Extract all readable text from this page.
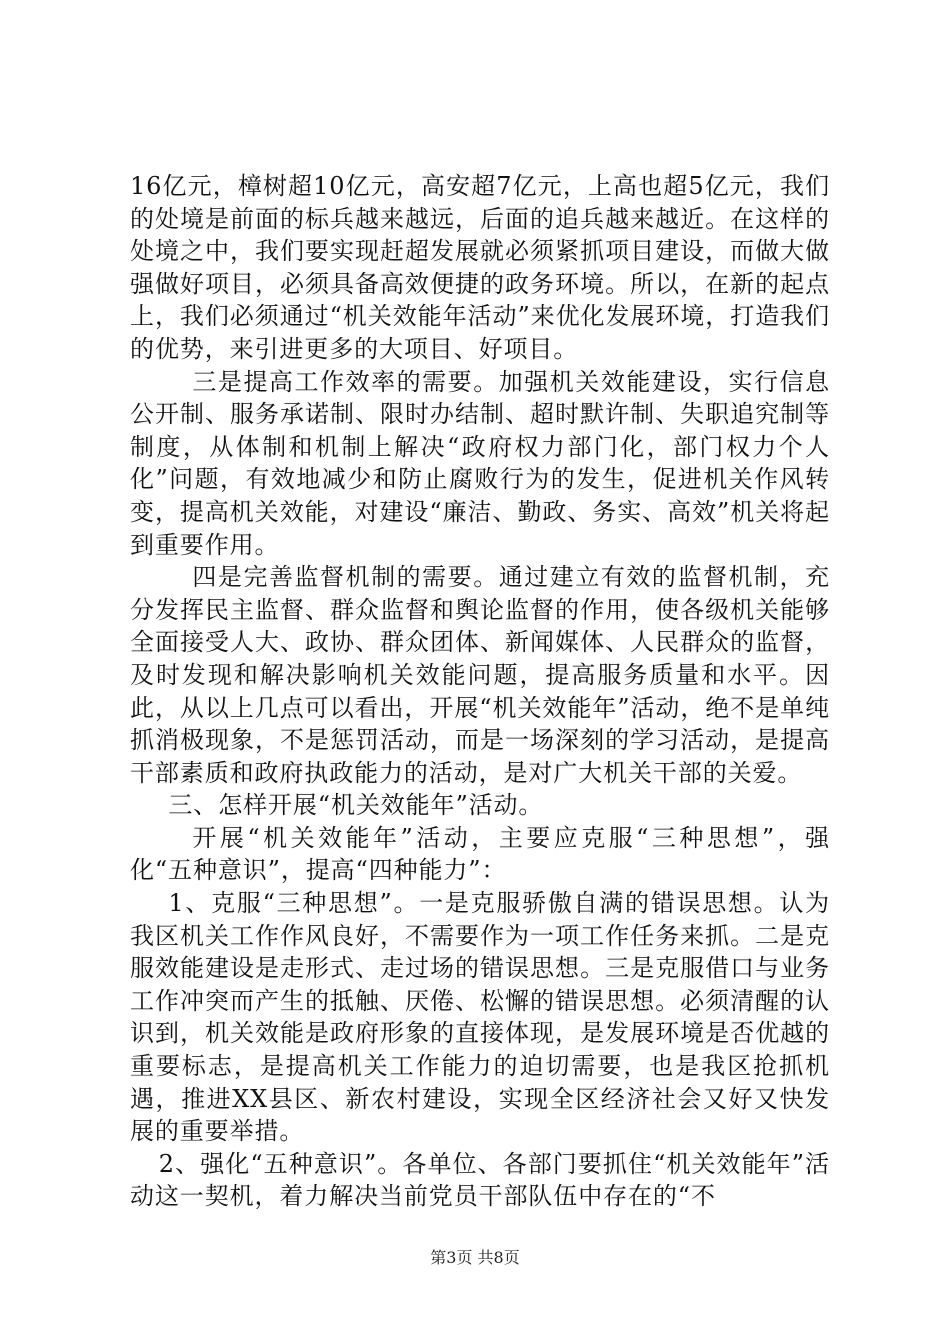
16亿元，樟树超10亿元，高安超7亿元，上高也超5亿元，我们的处境是前面的标兵越来越远，后面的追兵越来越近。在这样的处境之中，我们要实现赶超发展就必须紧抓项目建设，而做大做强做好项目，必须具备高效便捷的政务环境。所以，在新的起点上，我们必须通过“机关效能年活动”来优化发展环境，打造我们的优势，来引进更多的大项目、好项目。

三是提高工作效率的需要。加强机关效能建设，实行信息公开制、服务承诺制、限时办结制、超时默许制、失职追究制等制度，从体制和机制上解决“政府权力部门化，部门权力个人化”问题，有效地减少和防止腐败行为的发生，促进机关作风转变，提高机关效能，对建设“廉洁、勤政、务实、高效”机关将起到重要作用。

四是完善监督机制的需要。通过建立有效的监督机制，充分发挥民主监督、群众监督和舆论监督的作用，使各级机关能够全面接受人大、政协、群众团体、新闻媒体、人民群众的监督，及时发现和解决影响机关效能问题，提高服务质量和水平。因此，从以上几点可以看出，开展“机关效能年”活动，绝不是单纯抓消极现象，不是惩罚活动，而是一场深刻的学习活动，是提高干部素质和政府执政能力的活动，是对广大机关干部的关爱。

三、怎样开展“机关效能年”活动。

开展“机关效能年”活动，主要应克服“三种思想”，强化“五种意识”，提高“四种能力”：

1、克服“三种思想”。一是克服骄傲自满的错误思想。认为我区机关工作作风良好，不需要作为一项工作任务来抓。二是克服效能建设是走形式、走过场的错误思想。三是克服借口与业务工作冲突而产生的抵触、厌倦、松懈的错误思想。必须清醒的认识到，机关效能是政府形象的直接体现，是发展环境是否优越的重要标志，是提高机关工作能力的迫切需要，也是我区抢抓机遇，推进XX县区、新农村建设，实现全区经济社会又好又快发展的重要举措。

2、强化“五种意识”。各单位、各部门要抓住“机关效能年”活动这一契机，着力解决当前党员干部队伍中存在的“不

第3页 共8页
